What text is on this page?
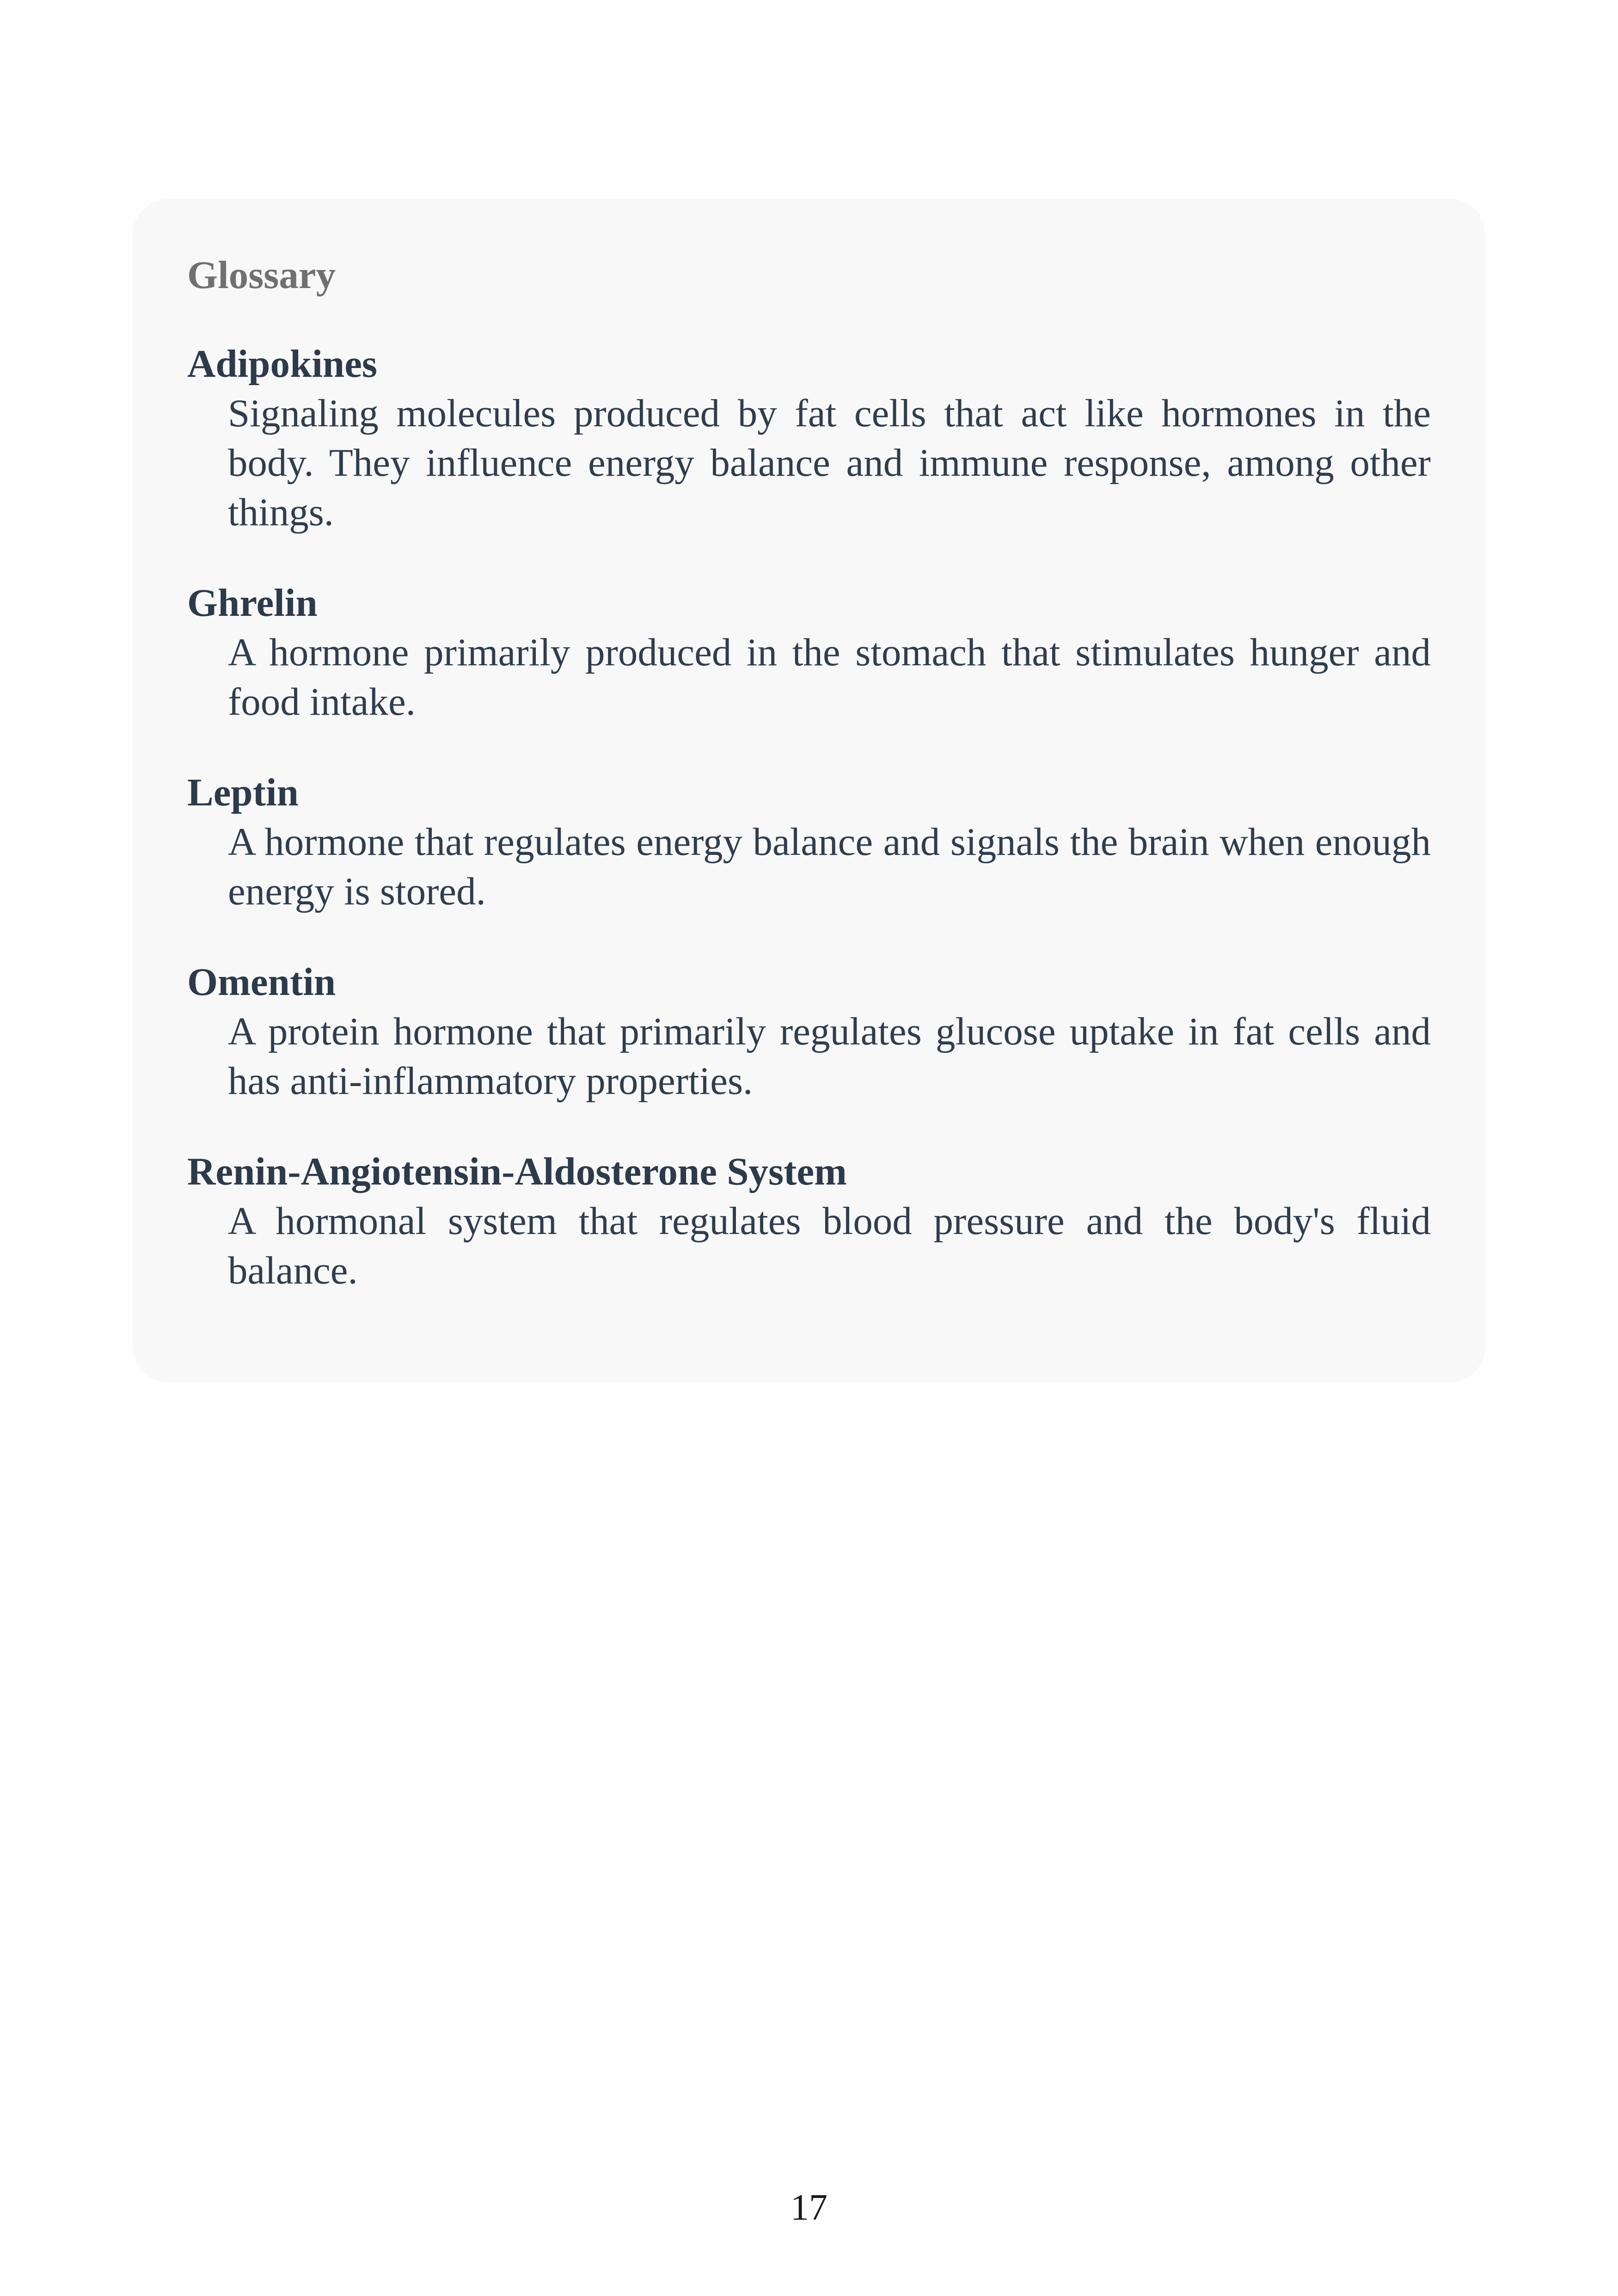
Glossary

Adipokines

Signaling molecules produced by fat cells that act like hormones in the body. They influence energy balance and immune response, among other things.

Ghrelin

A hormone primarily produced in the stomach that stimulates hunger and food intake.

Leptin

A hormone that regulates energy balance and signals the brain when enough energy is stored.

Omentin

A protein hormone that primarily regulates glucose uptake in fat cells and has anti-inflammatory properties.

Renin-Angiotensin-Aldosterone System

A hormonal system that regulates blood pressure and the body's fluid balance.

17
